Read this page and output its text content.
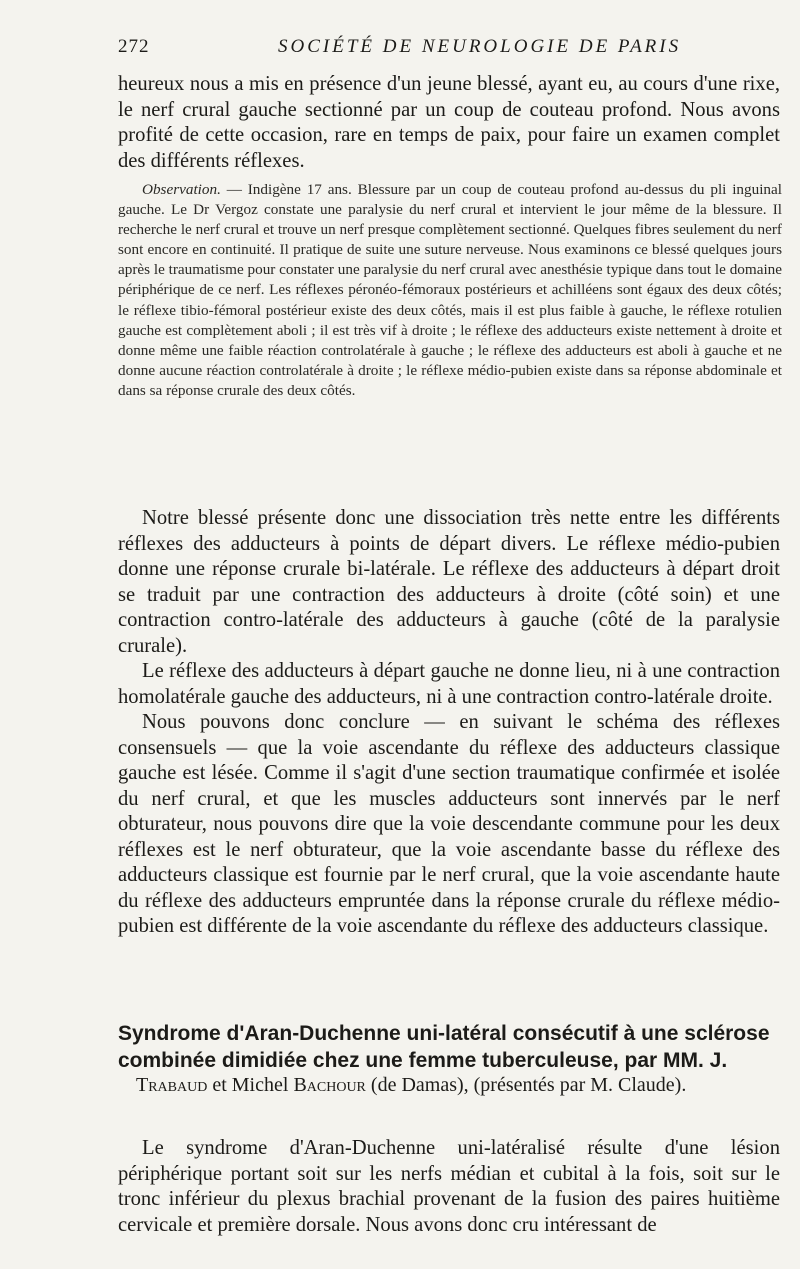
272	SOCIÉTÉ DE NEUROLOGIE DE PARIS

heureux nous a mis en présence d'un jeune blessé, ayant eu, au cours d'une rixe, le nerf crural gauche sectionné par un coup de couteau profond. Nous avons profité de cette occasion, rare en temps de paix, pour faire un examen complet des différents réflexes.

Observation. — Indigène 17 ans. Blessure par un coup de couteau profond au-dessus du pli inguinal gauche. Le Dr Vergoz constate une paralysie du nerf crural et intervient le jour même de la blessure. Il recherche le nerf crural et trouve un nerf presque complètement sectionné. Quelques fibres seulement du nerf sont encore en continuité. Il pratique de suite une suture nerveuse. Nous examinons ce blessé quelques jours après le traumatisme pour constater une paralysie du nerf crural avec anesthésie typique dans tout le domaine périphérique de ce nerf. Les réflexes péronéo-fémoraux postérieurs et achilléens sont égaux des deux côtés; le réflexe tibio-fémoral postérieur existe des deux côtés, mais il est plus faible à gauche, le réflexe rotulien gauche est complètement aboli ; il est très vif à droite ; le réflexe des adducteurs existe nettement à droite et donne même une faible réaction controlatérale à gauche ; le réflexe des adducteurs est aboli à gauche et ne donne aucune réaction controlatérale à droite ; le réflexe médio-pubien existe dans sa réponse abdominale et dans sa réponse crurale des deux côtés.

Notre blessé présente donc une dissociation très nette entre les différents réflexes des adducteurs à points de départ divers. Le réflexe médio-pubien donne une réponse crurale bi-latérale. Le réflexe des adducteurs à départ droit se traduit par une contraction des adducteurs à droite (côté soin) et une contraction contro-latérale des adducteurs à gauche (côté de la paralysie crurale).

Le réflexe des adducteurs à départ gauche ne donne lieu, ni à une contraction homolatérale gauche des adducteurs, ni à une contraction contro-latérale droite.

Nous pouvons donc conclure — en suivant le schéma des réflexes consensuels — que la voie ascendante du réflexe des adducteurs classique gauche est lésée. Comme il s'agit d'une section traumatique confirmée et isolée du nerf crural, et que les muscles adducteurs sont innervés par le nerf obturateur, nous pouvons dire que la voie descendante commune pour les deux réflexes est le nerf obturateur, que la voie ascendante basse du réflexe des adducteurs classique est fournie par le nerf crural, que la voie ascendante haute du réflexe des adducteurs empruntée dans la réponse crurale du réflexe médio-pubien est différente de la voie ascendante du réflexe des adducteurs classique.

Syndrome d'Aran-Duchenne uni-latéral consécutif à une sclérose combinée dimidiée chez une femme tuberculeuse, par MM. J.
Trabaud et Michel Bachour (de Damas), (présentés par M. Claude).

Le syndrome d'Aran-Duchenne uni-latéralisé résulte d'une lésion périphérique portant soit sur les nerfs médian et cubital à la fois, soit sur le tronc inférieur du plexus brachial provenant de la fusion des paires huitième cervicale et première dorsale. Nous avons donc cru intéressant de
